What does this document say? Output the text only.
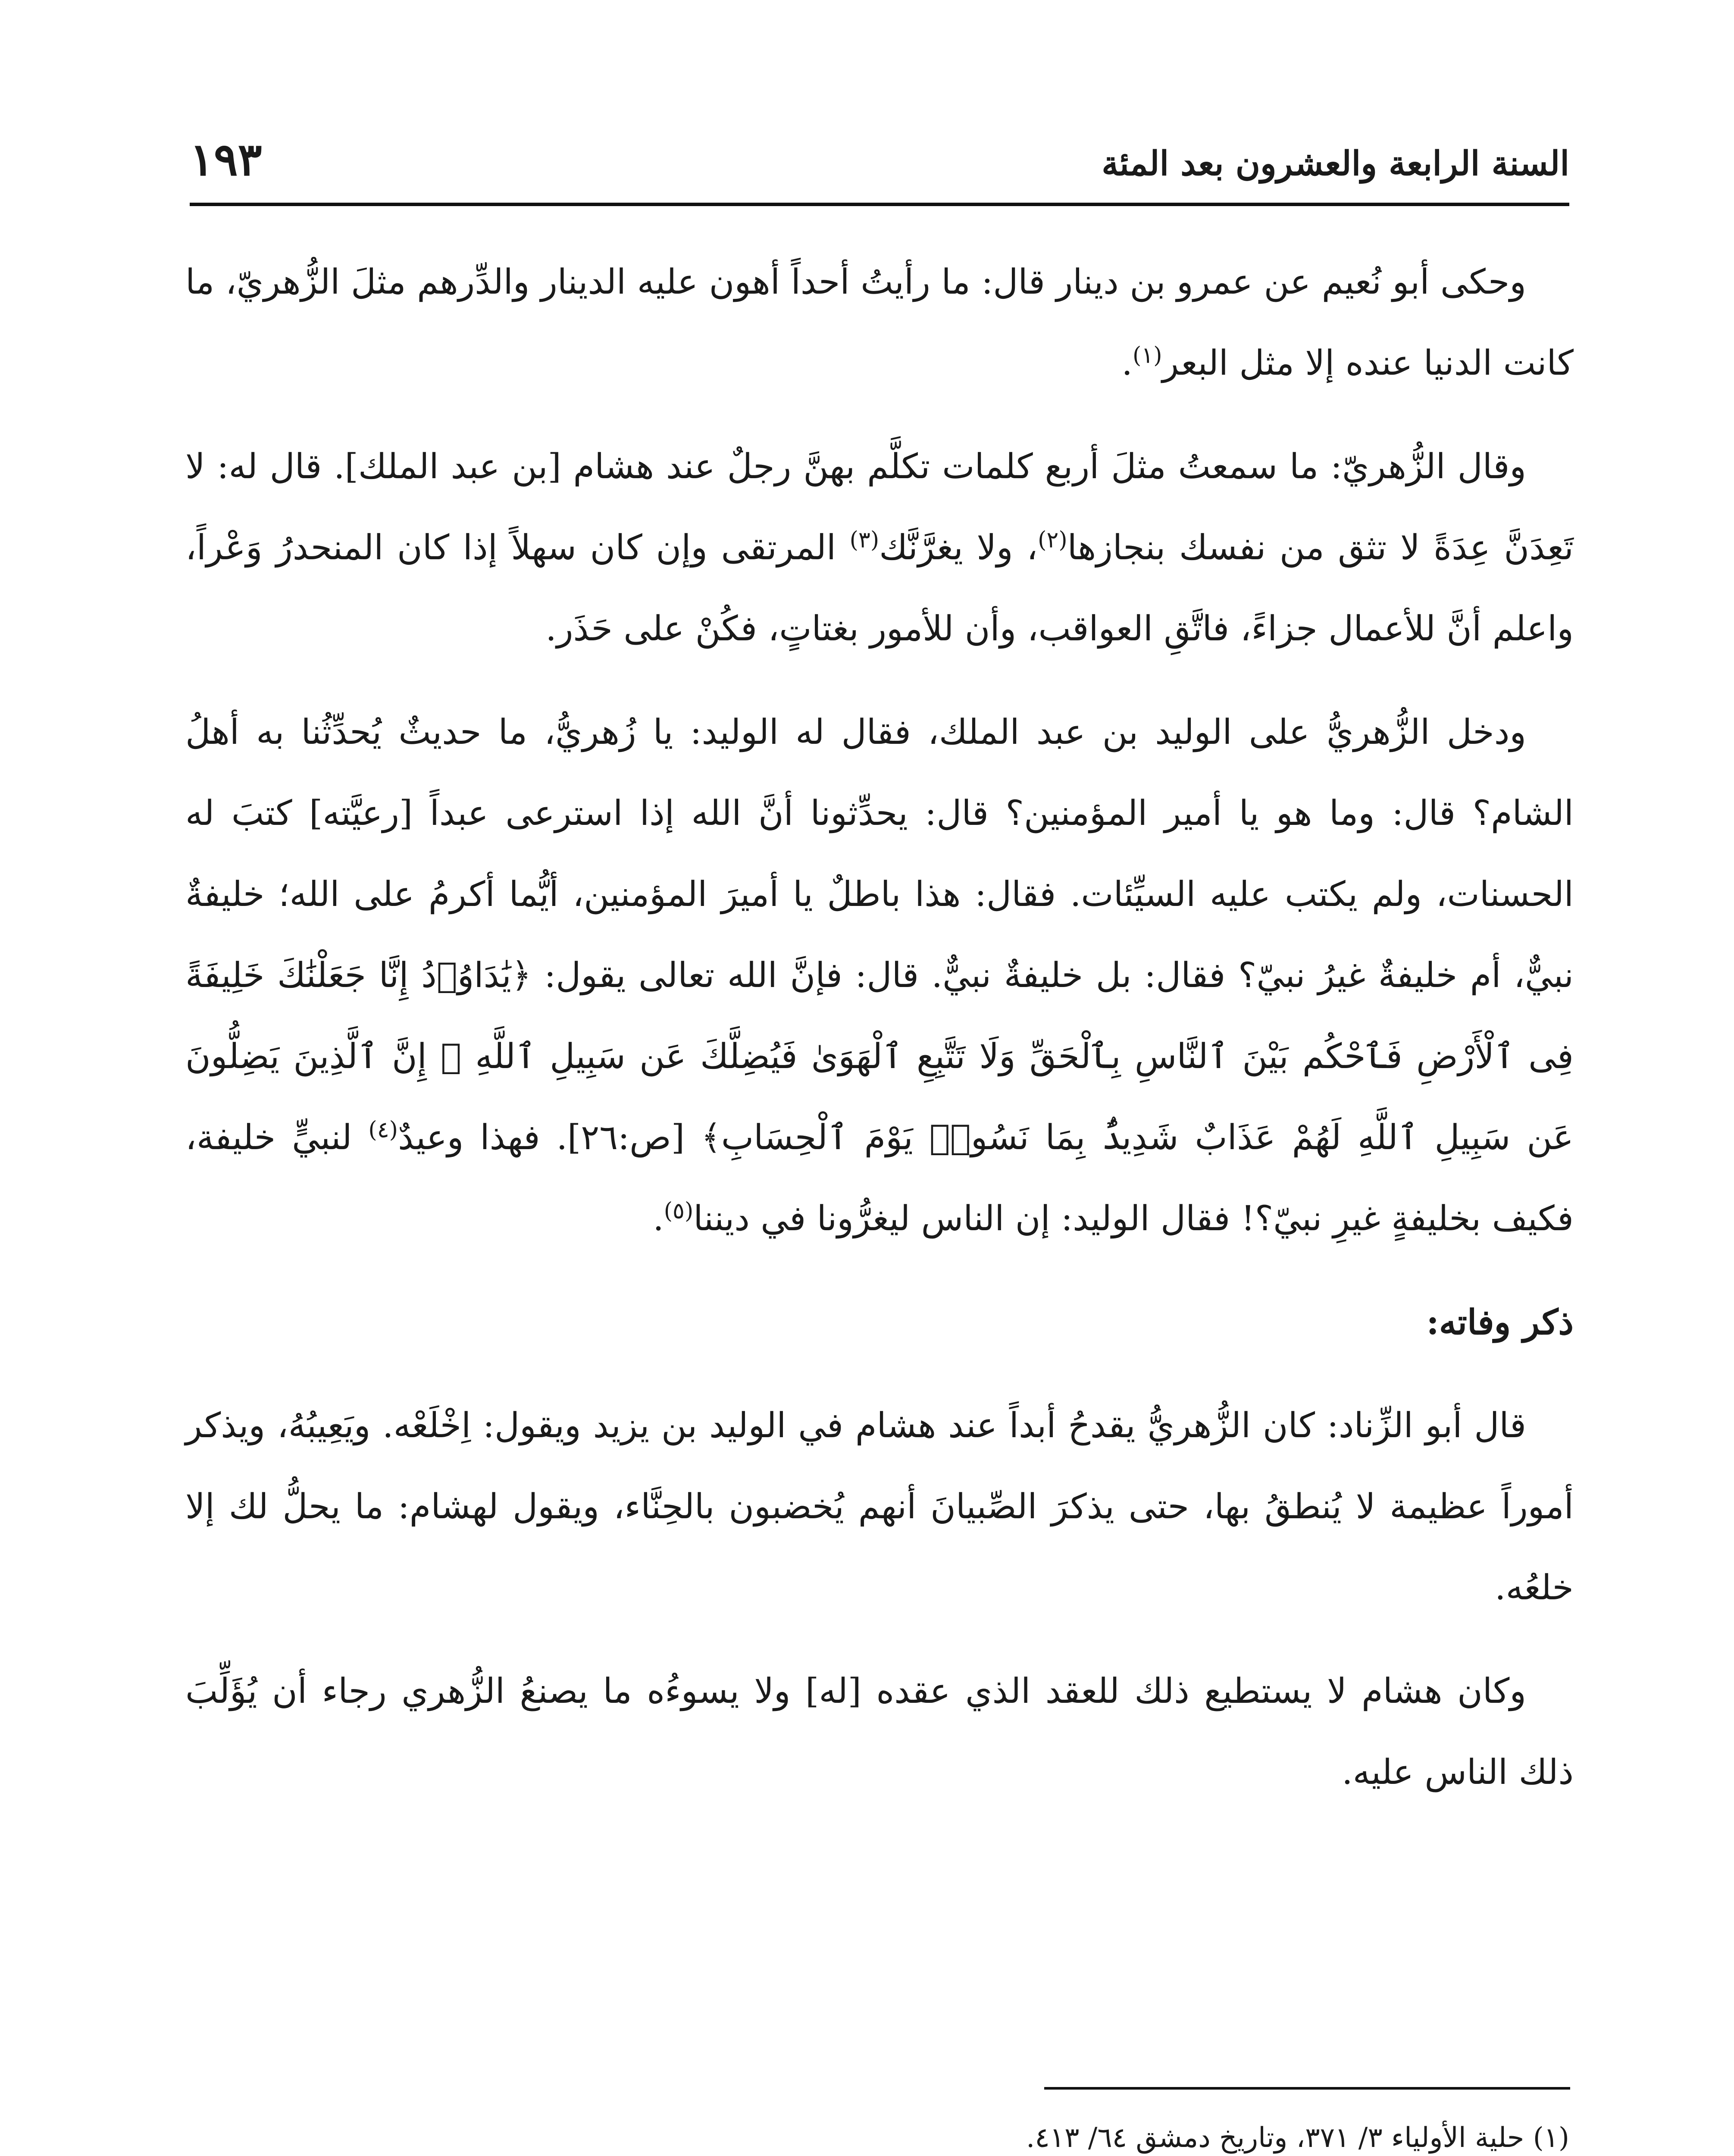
السنة الرابعة والعشرون بعد المئة
١٩٣

وحكى أبو نُعيم عن عمرو بن دينار قال: ما رأيتُ أحداً أهون عليه الدينار والدِّرهم مثلَ الزُّهريّ، ما كانت الدنيا عنده إلا مثل البعر$^{(١)}$.

وقال الزُّهريّ: ما سمعتُ مثلَ أربع كلمات تكلَّم بهنَّ رجلٌ عند هشام [بن عبد الملك]. قال له: لا تَعِدَنَّ عِدَةً لا تثق من نفسك بنجازها$^{(٢)}$، ولا يغرَّنَّك$^{(٣)}$ المرتقى وإن كان سهلاً إذا كان المنحدرُ وَعْراً، واعلم أنَّ للأعمال جزاءً، فاتَّقِ العواقب، وأن للأمور بغتاتٍ، فكُنْ على حَذَر.

ودخل الزُّهريُّ على الوليد بن عبد الملك، فقال له الوليد: يا زُهريُّ، ما حديثٌ يُحدِّثُنا به أهلُ الشام؟ قال: وما هو يا أمير المؤمنين؟ قال: يحدِّثونا أنَّ الله إذا استرعى عبداً [رعيَّته] كتبَ له الحسنات، ولم يكتب عليه السيِّئات. فقال: هذا باطلٌ يا أميرَ المؤمنين، أيُّما أكرمُ على الله؛ خليفةٌ نبيٌّ، أم خليفةٌ غيرُ نبيّ؟ فقال: بل خليفةٌ نبيٌّ. قال: فإنَّ الله تعالى يقول: ﴿يَٰدَاوُۥدُ إِنَّا جَعَلْنَٰكَ خَلِيفَةً فِى ٱلْأَرْضِ فَٱحْكُم بَيْنَ ٱلنَّاسِ بِٱلْحَقِّ وَلَا تَتَّبِعِ ٱلْهَوَىٰ فَيُضِلَّكَ عَن سَبِيلِ ٱللَّهِ ۚ إِنَّ ٱلَّذِينَ يَضِلُّونَ عَن سَبِيلِ ٱللَّهِ لَهُمْ عَذَابٌ شَدِيدٌۢ بِمَا نَسُوا۟ يَوْمَ ٱلْحِسَابِ﴾ [ص:٢٦]. فهذا وعيدٌ$^{(٤)}$ لنبيٍّ خليفة، فكيف بخليفةٍ غيرِ نبيّ؟! فقال الوليد: إن الناس ليغرُّونا في ديننا$^{(٥)}$.

ذكر وفاته:

قال أبو الزِّناد: كان الزُّهريُّ يقدحُ أبداً عند هشام في الوليد بن يزيد ويقول: اِخْلَعْه. ويَعِيبُهُ، ويذكر أموراً عظيمة لا يُنطقُ بها، حتى يذكرَ الصِّبيانَ أنهم يُخضبون بالحِنَّاء، ويقول لهشام: ما يحلُّ لك إلا خلعُه.

وكان هشام لا يستطيع ذلك للعقد الذي عقده [له] ولا يسوءُه ما يصنعُ الزُّهري رجاء أن يُؤَلِّبَ ذلك الناس عليه.

(١) حلية الأولياء ٣/ ٣٧١، وتاريخ دمشق ٦٤/ ٤١٣.
